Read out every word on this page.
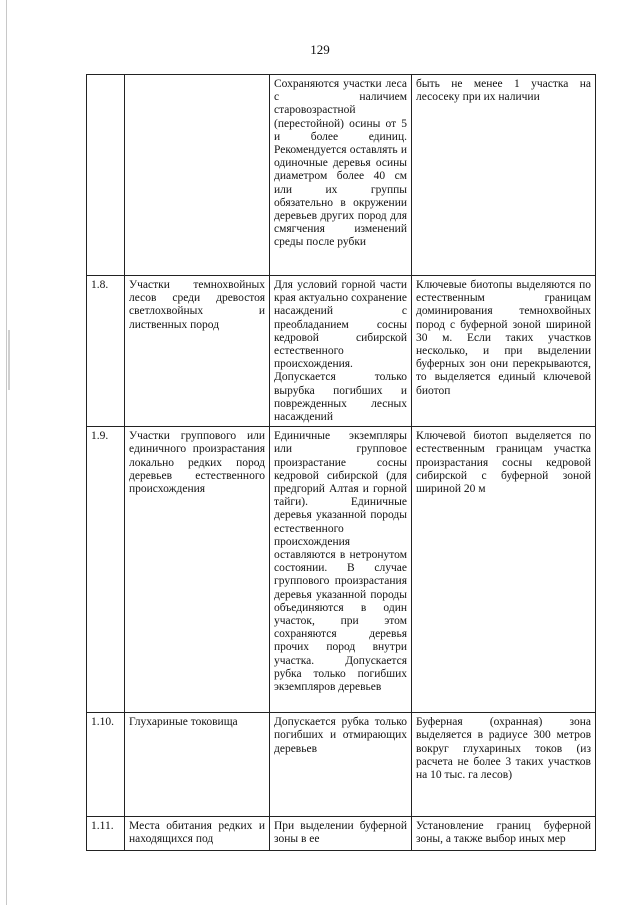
129
		Сохраняются участки леса с наличием старовозрастной (перестойной) осины от 5 и более единиц. Рекомендуется оставлять и одиночные деревья осины диаметром более 40 см или их группы обязательно в окружении деревьев других пород для смягчения изменений среды после рубки	быть не менее 1 участка на лесосеку при их наличии
1.8.	Участки темнохвойных лесов среди древостоя светлохвойных и лиственных пород	Для условий горной части края актуально сохранение насаждений с преобладанием сосны кедровой сибирской естественного происхождения. Допускается только вырубка погибших и поврежденных лесных насаждений	Ключевые биотопы выделяются по естественным границам доминирования темнохвойных пород с буферной зоной шириной 30 м. Если таких участков несколько, и при выделении буферных зон они перекрываются, то выделяется единый ключевой биотоп
1.9.	Участки группового или единичного произрастания локально редких пород деревьев естественного происхождения	Единичные экземпляры или групповое произрастание сосны кедровой сибирской (для предгорий Алтая и горной тайги). Единичные деревья указанной породы естественного происхождения оставляются в нетронутом состоянии. В случае группового произрастания деревья указанной породы объединяются в один участок, при этом сохраняются деревья прочих пород внутри участка. Допускается рубка только погибших экземпляров деревьев	Ключевой биотоп выделяется по естественным границам участка произрастания сосны кедровой сибирской с буферной зоной шириной 20 м
1.10.	Глухариные токовища	Допускается рубка только погибших и отмирающих деревьев	Буферная (охранная) зона выделяется в радиусе 300 метров вокруг глухариных токов (из расчета не более 3 таких участков на 10 тыс. га лесов)
1.11.	Места обитания редких и находящихся под	При выделении буферной зоны в ее	Установление границ буферной зоны, а также выбор иных мер
